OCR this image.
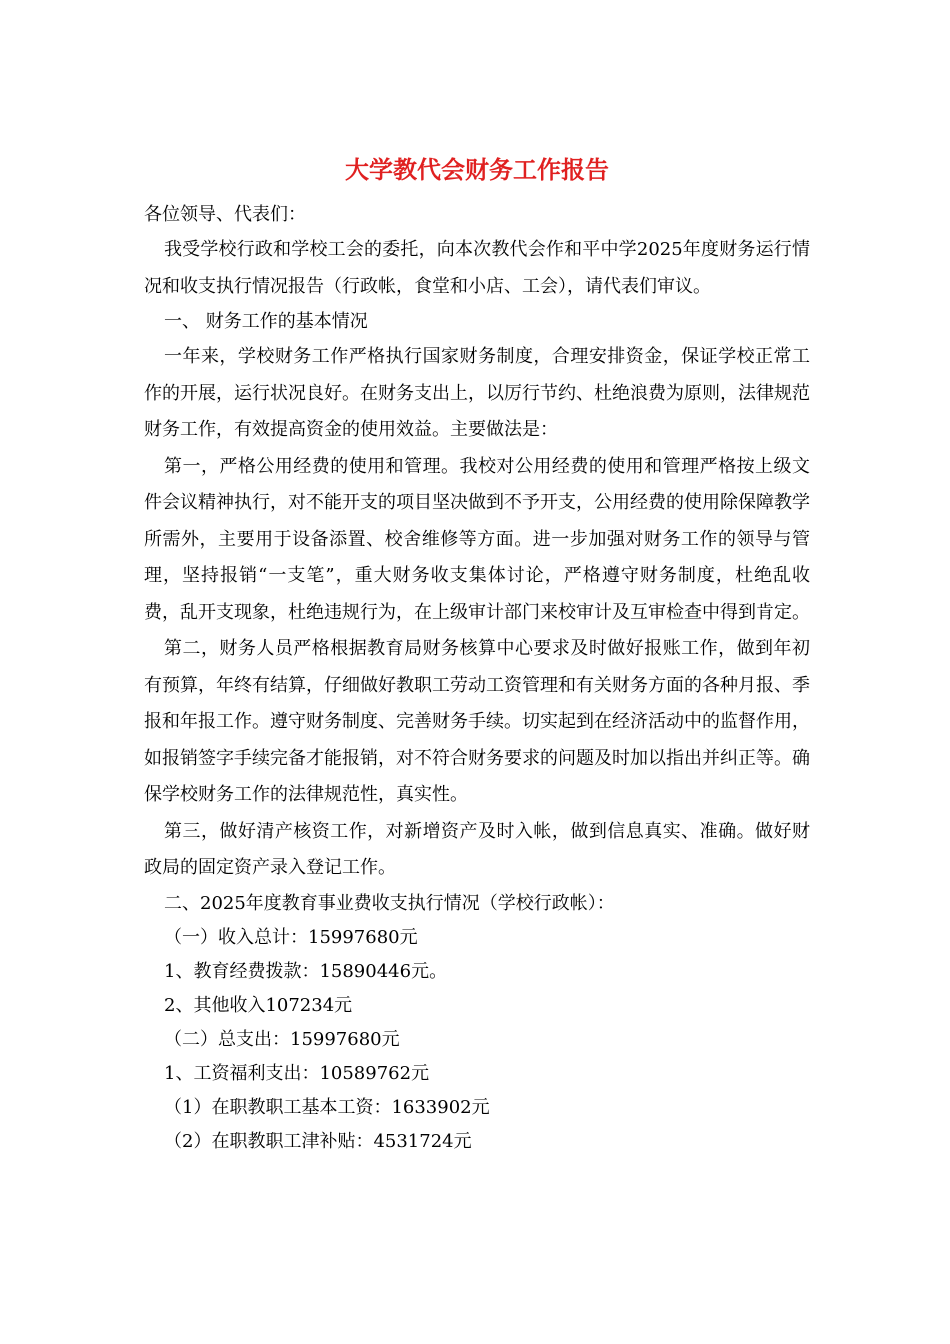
大学教代会财务工作报告

各位领导、代表们：

我受学校行政和学校工会的委托，向本次教代会作和平中学2025年度财务运行情况和收支执行情况报告（行政帐，食堂和小店、工会），请代表们审议。

一、 财务工作的基本情况

一年来，学校财务工作严格执行国家财务制度，合理安排资金，保证学校正常工作的开展，运行状况良好。在财务支出上，以厉行节约、杜绝浪费为原则，法律规范财务工作，有效提高资金的使用效益。主要做法是：

第一，严格公用经费的使用和管理。我校对公用经费的使用和管理严格按上级文件会议精神执行，对不能开支的项目坚决做到不予开支，公用经费的使用除保障教学所需外，主要用于设备添置、校舍维修等方面。进一步加强对财务工作的领导与管理，坚持报销“一支笔”，重大财务收支集体讨论，严格遵守财务制度，杜绝乱收费，乱开支现象，杜绝违规行为，在上级审计部门来校审计及互审检查中得到肯定。

第二，财务人员严格根据教育局财务核算中心要求及时做好报账工作，做到年初有预算，年终有结算，仔细做好教职工劳动工资管理和有关财务方面的各种月报、季报和年报工作。遵守财务制度、完善财务手续。切实起到在经济活动中的监督作用，如报销签字手续完备才能报销，对不符合财务要求的问题及时加以指出并纠正等。确保学校财务工作的法律规范性，真实性。

第三，做好清产核资工作，对新增资产及时入帐，做到信息真实、准确。做好财政局的固定资产录入登记工作。

二、2025年度教育事业费收支执行情况（学校行政帐）：

（一）收入总计：15997680元

1、教育经费拨款：15890446元。

2、其他收入107234元

（二）总支出：15997680元

1、工资福利支出：10589762元

（1）在职教职工基本工资：1633902元

（2）在职教职工津补贴：4531724元
